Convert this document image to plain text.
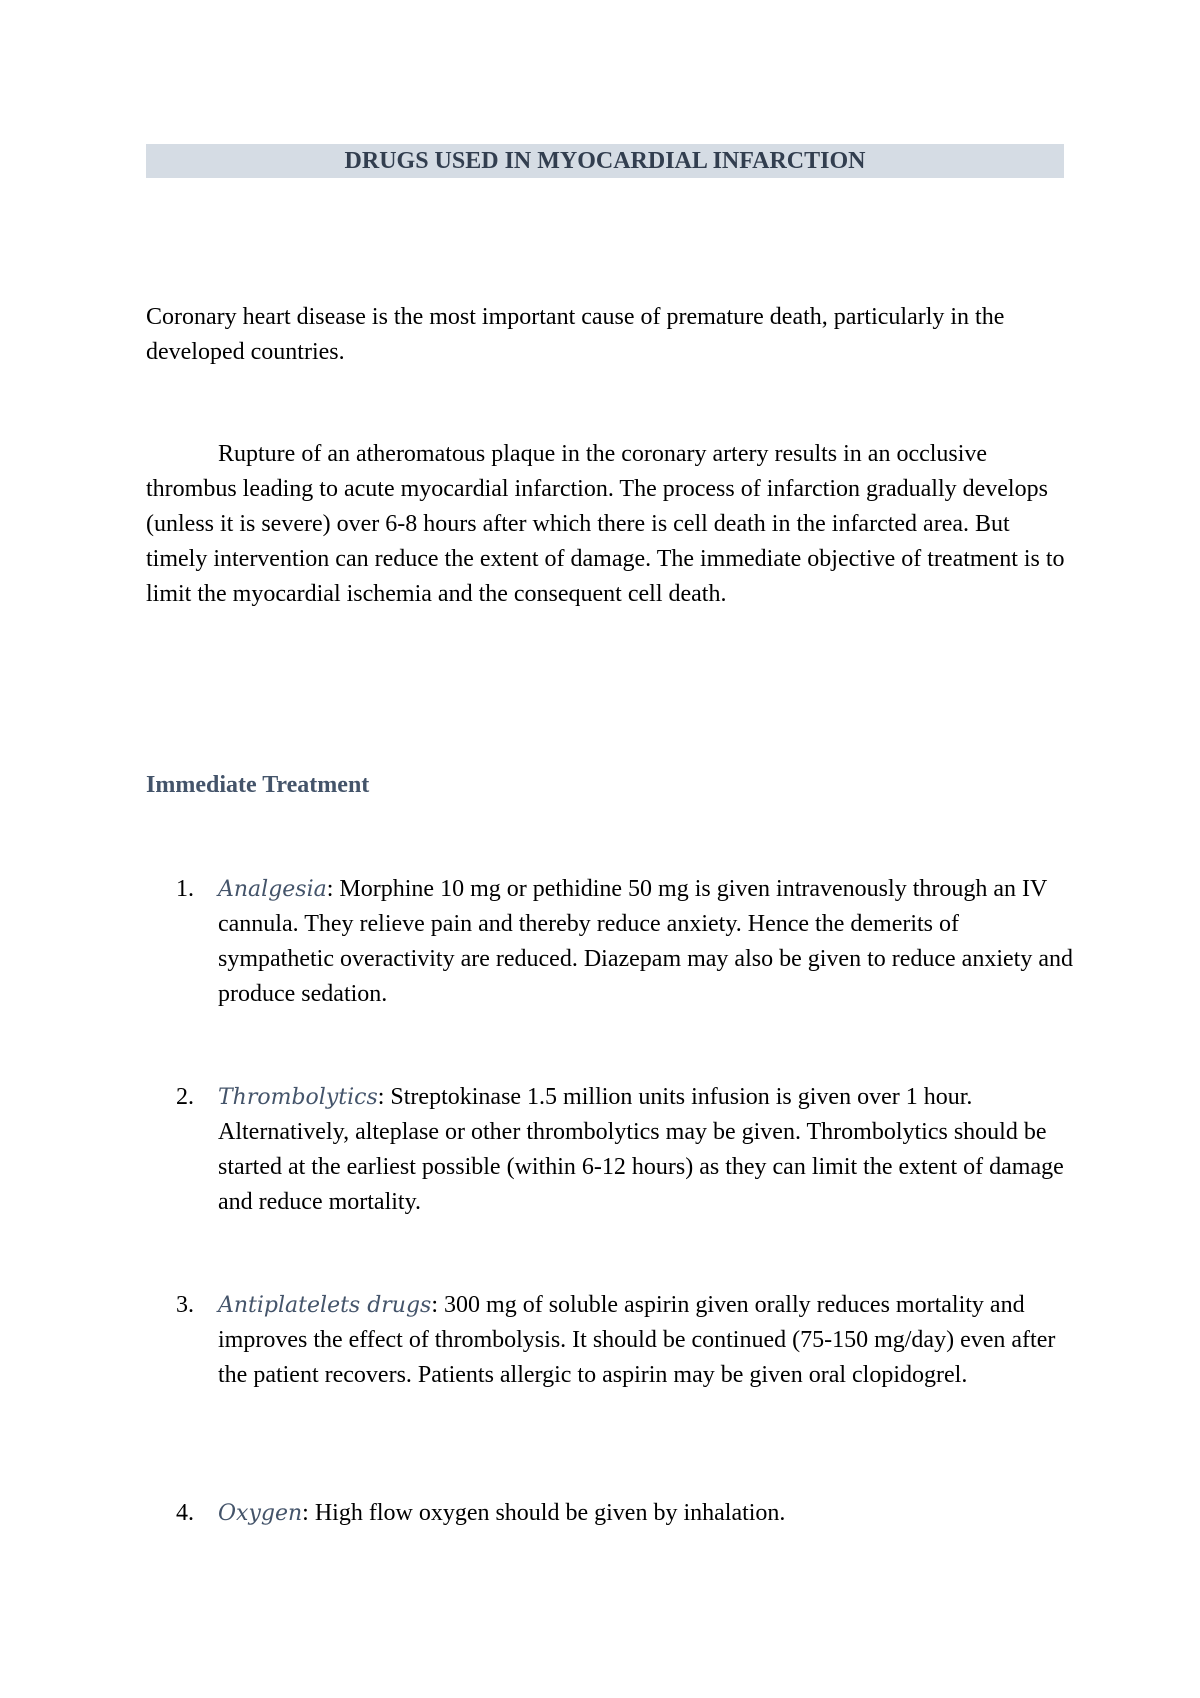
DRUGS USED IN MYOCARDIAL INFARCTION

Coronary heart disease is the most important cause of premature death, particularly in the developed countries.

Rupture of an atheromatous plaque in the coronary artery results in an occlusive thrombus leading to acute myocardial infarction. The process of infarction gradually develops (unless it is severe) over 6-8 hours after which there is cell death in the infarcted area. But timely intervention can reduce the extent of damage. The immediate objective of treatment is to limit the myocardial ischemia and the consequent cell death.

Immediate Treatment
1. Analgesia: Morphine 10 mg or pethidine 50 mg is given intravenously through an IV cannula. They relieve pain and thereby reduce anxiety. Hence the demerits of sympathetic overactivity are reduced. Diazepam may also be given to reduce anxiety and produce sedation.
2. Thrombolytics: Streptokinase 1.5 million units infusion is given over 1 hour. Alternatively, alteplase or other thrombolytics may be given. Thrombolytics should be started at the earliest possible (within 6-12 hours) as they can limit the extent of damage and reduce mortality.
3. Antiplatelets drugs: 300 mg of soluble aspirin given orally reduces mortality and improves the effect of thrombolysis. It should be continued (75-150 mg/day) even after the patient recovers. Patients allergic to aspirin may be given oral clopidogrel.
4. Oxygen: High flow oxygen should be given by inhalation.
